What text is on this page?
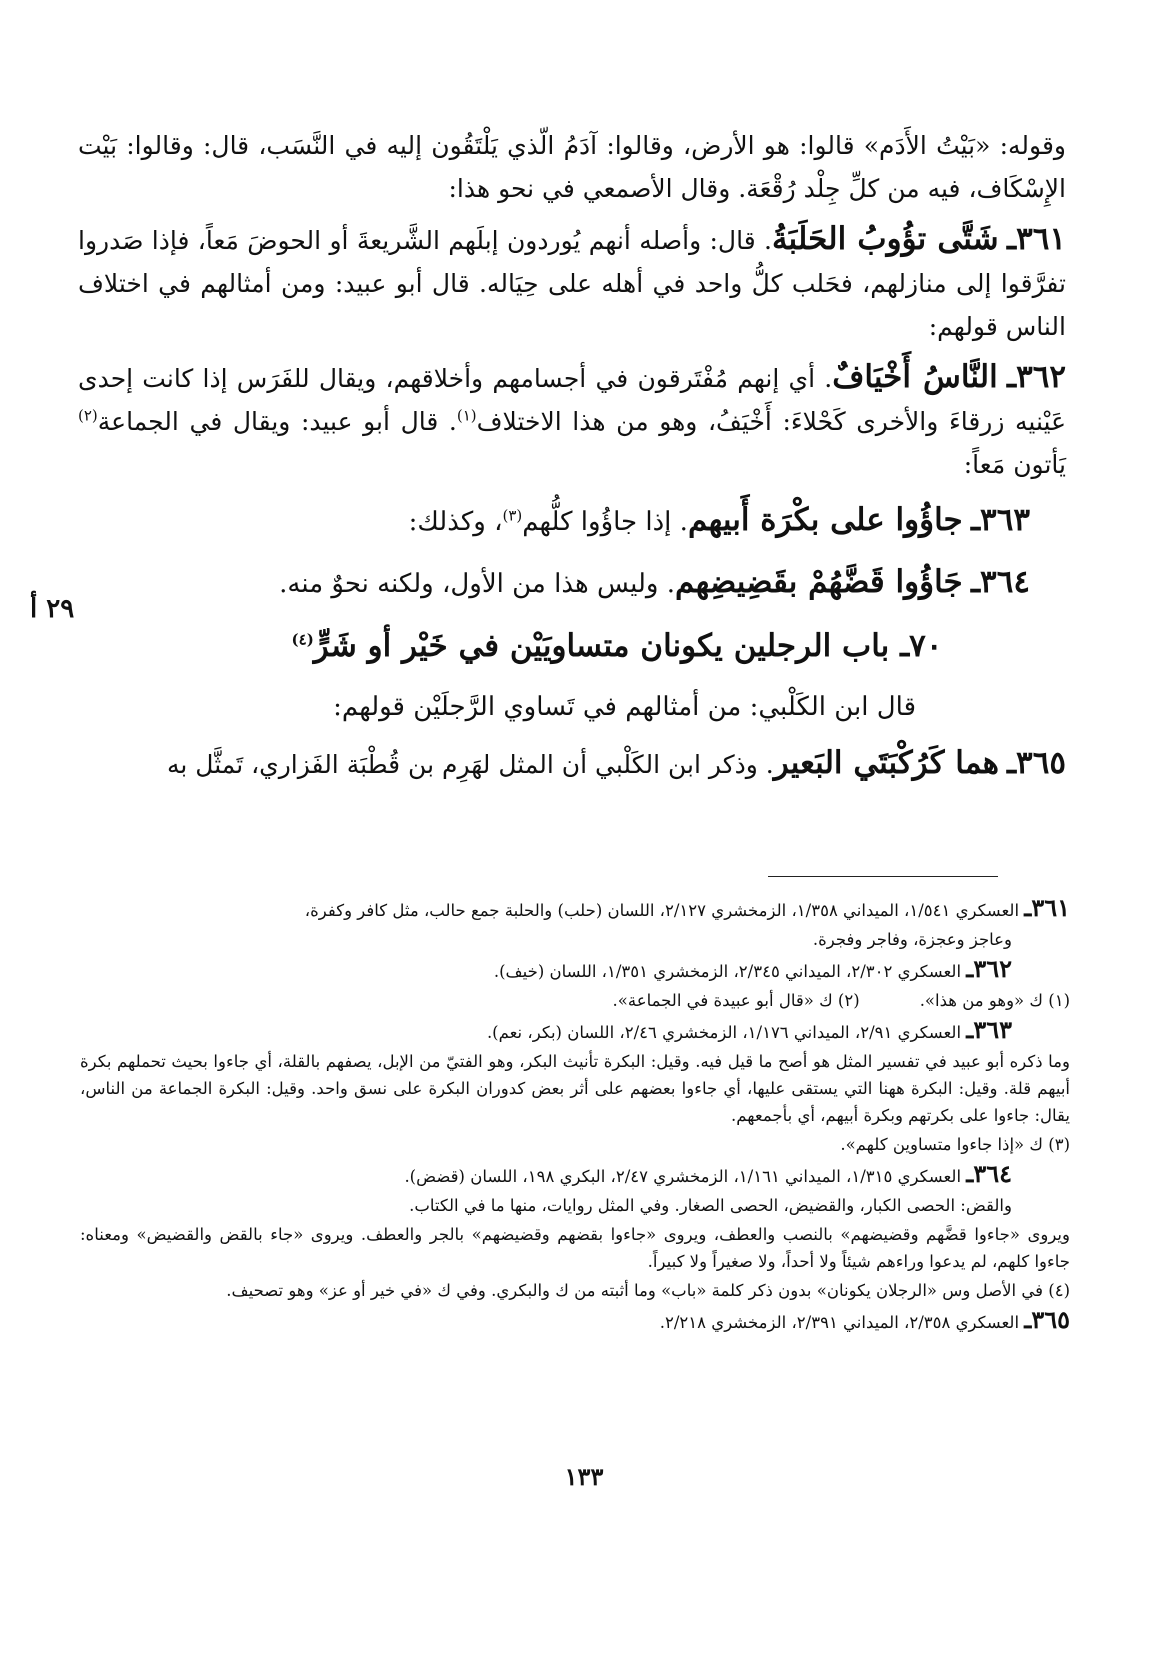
وقوله: «بَيْتُ الأَدَم» قالوا: هو الأرض، وقالوا: آدَمُ الّذي يَلْتَقُون إليه في النَّسَب، قال: وقالوا: بَيْت الإِسْكَاف، فيه من كلِّ جِلْد رُقْعَة. وقال الأصمعي في نحو هذا:

٣٦١ـ شَتَّى تؤُوبُ الحَلَبَةُ. قال: وأصله أنهم يُوردون إبلَهم الشَّريعةَ أو الحوضَ مَعاً، فإذا صَدروا تفرَّقوا إلى منازلهم، فحَلب كلُّ واحد في أهله على حِيَاله. قال أبو عبيد: ومن أمثالهم في اختلاف الناس قولهم:

٣٦٢ـ النَّاسُ أَخْيَافٌ. أي إنهم مُفْتَرقون في أجسامهم وأخلاقهم، ويقال للفَرَس إذا كانت إحدى عَيْنيه زرقاءَ والأخرى كَحْلاءَ: أَخْيَفُ، وهو من هذا الاختلاف$^{(١)}$. قال أبو عبيد: ويقال في الجماعة$^{(٢)}$ يَأتون مَعاً:

٣٦٣ـ جاؤُوا على بكْرَة أَبيهم. إذا جاؤُوا كلُّهم$^{(٣)}$، وكذلك:

٣٦٤ـ جَاؤُوا قَضَّهُمْ بقَضِيضِهم. وليس هذا من الأول، ولكنه نحوٌ منه.

٧٠ـ باب الرجلين يكونان متساويَيْن في خَيْر أو شَرٍّ$^{(٤)}$

قال ابن الكَلْبي: من أمثالهم في تَساوي الرَّجلَيْن قولهم:

٣٦٥ـ هما كَرُكْبَتَي البَعير. وذكر ابن الكَلْبي أن المثل لهَرِم بن قُطْبَة الفَزاري، تَمثَّل به

٢٩ أ

٣٦١ـ العسكري ١/٥٤١، الميداني ١/٣٥٨، الزمخشري ٢/١٢٧، اللسان (حلب) والحلبة جمع حالب، مثل كافر وكفرة،

وعاجز وعجزة، وفاجر وفجرة.

٣٦٢ـ العسكري ٢/٣٠٢، الميداني ٢/٣٤٥، الزمخشري ١/٣٥١، اللسان (خيف).

(١) ك «وهو من هذا».
(٢) ك «قال أبو عبيدة في الجماعة».

٣٦٣ـ العسكري ٢/٩١، الميداني ١/١٧٦، الزمخشري ٢/٤٦، اللسان (بكر، نعم).

وما ذكره أبو عبيد في تفسير المثل هو أصح ما قيل فيه. وقيل: البكرة تأنيث البكر، وهو الفتيّ من الإبل، يصفهم بالقلة، أي جاءوا بحيث تحملهم بكرة أبيهم قلة. وقيل: البكرة ههنا التي يستقى عليها، أي جاءوا بعضهم على أثر بعض كدوران البكرة على نسق واحد. وقيل: البكرة الجماعة من الناس، يقال: جاءوا على بكرتهم وبكرة أبيهم، أي بأجمعهم.

(٣) ك «إذا جاءوا متساوين كلهم».

٣٦٤ـ العسكري ١/٣١٥، الميداني ١/١٦١، الزمخشري ٢/٤٧، البكري ١٩٨، اللسان (قضض).

والقض: الحصى الكبار، والقضيض، الحصى الصغار. وفي المثل روايات، منها ما في الكتاب.

ويروى «جاءوا قضَّهم وقضيضهم» بالنصب والعطف، ويروى «جاءوا بقضهم وقضيضهم» بالجر والعطف. ويروى «جاء بالقض والقضيض» ومعناه: جاءوا كلهم، لم يدعوا وراءهم شيئاً ولا أحداً، ولا صغيراً ولا كبيراً.

(٤) في الأصل وس «الرجلان يكونان» بدون ذكر كلمة «باب» وما أثبته من ك والبكري. وفي ك «في خير أو عز» وهو تصحيف.

٣٦٥ـ العسكري ٢/٣٥٨، الميداني ٢/٣٩١، الزمخشري ٢/٢١٨.

١٣٣
